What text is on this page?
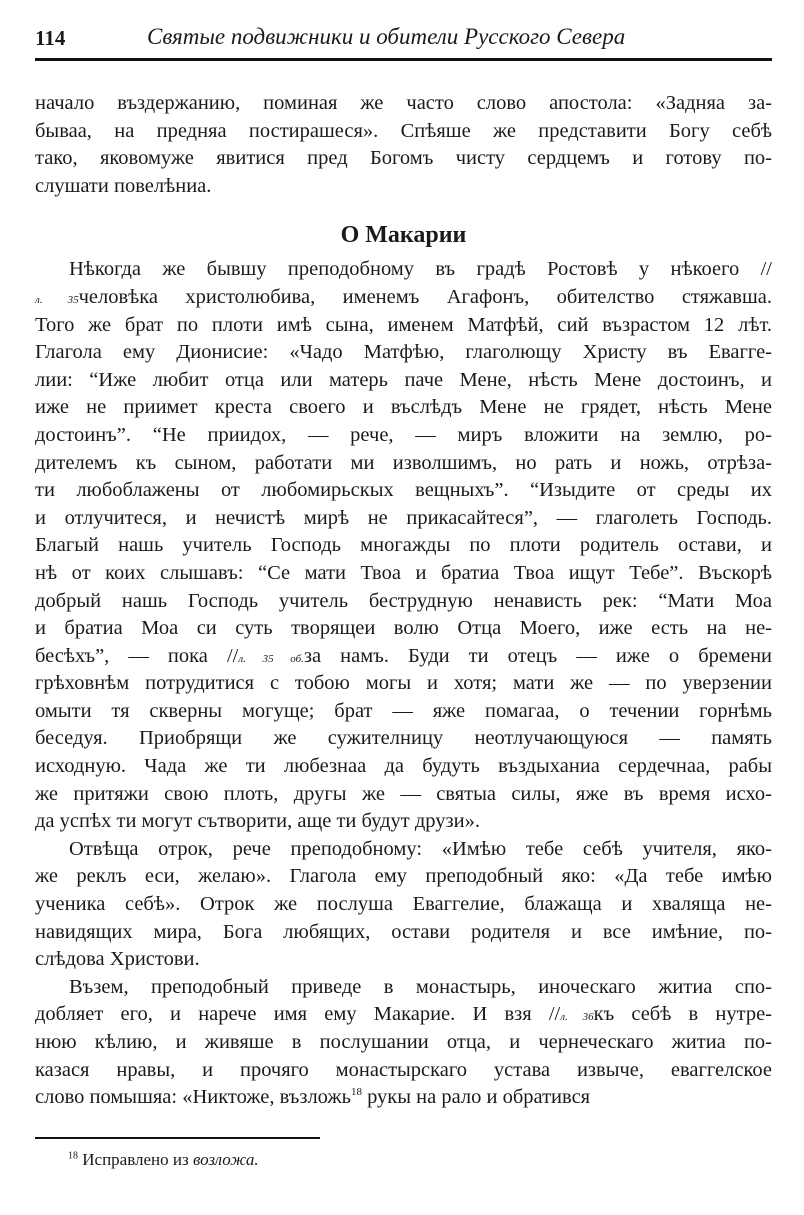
114	Святые подвижники и обители Русского Севера
начало въздержанию, поминая же часто слово апостола: «Задняа за-
бываа, на предняа постирашеся». Спѣяше же представити Богу себѣ
тако, яковомуже явитися пред Богомъ чисту сердцемъ и готову по-
слушати повелѣниа.
О Макарии
Нѣкогда же бывшу преподобному въ градѣ Ростовѣ у нѣкоего //
л. 35человѣка христолюбива, именемъ Агафонъ, обителство стяжавша.
Того же брат по плоти имѣ сына, именем Матфѣй, сий възрастом 12 лѣт.
Глагола ему Дионисие: «Чадо Матфѣю, глаголющу Христу въ Евагге-
лии: “Иже любит отца или матерь паче Мене, нѣсть Мене достоинъ, и
иже не приимет креста своего и въслѣдъ Мене не грядет, нѣсть Мене
достоинъ”. “Не приидох, — рече, — миръ вложити на землю, ро-
дителемъ къ сыном, работати ми изволшимъ, но рать и ножь, отрѣза-
ти любоблажены от любомирьскых вещныхъ”. “Изыдите от среды их
и отлучитеся, и нечистѣ мирѣ не прикасайтеся”, — глаголеть Господь.
Благый нашь учитель Господь многажды по плоти родитель остави, и
нѣ от коих слышавъ: “Се мати Твоа и братиа Твоа ищут Тебе”. Въскорѣ
добрый нашь Господь учитель беструдную ненависть рек: “Мати Моа
и братиа Моа си суть творящеи волю Отца Моего, иже есть на не-
бесѣхъ”, — пока //л. 35 об.за намъ. Буди ти отецъ — иже о бремени
грѣховнѣм потрудитися с тобою могы и хотя; мати же — по уверзении
омыти тя скверны могуще; брат — яже помагаа, о течении горнѣмь
беседуя. Приобрящи же сужителницу неотлучающуюся — память
исходную. Чада же ти любезнаа да будуть въздыханиа сердечнаа, рабы
же притяжи свою плоть, другы же — святыа силы, яже въ время исхо-
да успѣх ти могут сътворити, аще ти будут друзи».
Отвѣща отрок, рече преподобному: «Имѣю тебе себѣ учителя, яко-
же реклъ еси, желаю». Глагола ему преподобный яко: «Да тебе имѣю
ученика себѣ». Отрок же послуша Еваггелие, блажаща и хваляща не-
навидящих мира, Бога любящих, остави родителя и все имѣние, по-
слѣдова Христови.
Възем, преподобный приведе в монастырь, иноческаго житиа спо-
добляет его, и нарече имя ему Макарие. И взя //л. 36къ себѣ в нутре-
нюю кѣлию, и живяше в послушании отца, и чернеческаго житиа по-
казася нравы, и прочяго монастырскаго устава извыче, еваггелское
слово помышяа: «Никтоже, възложь$^{18}$ рукы на рало и обратився
$^{18}$ Исправлено из возложа.
